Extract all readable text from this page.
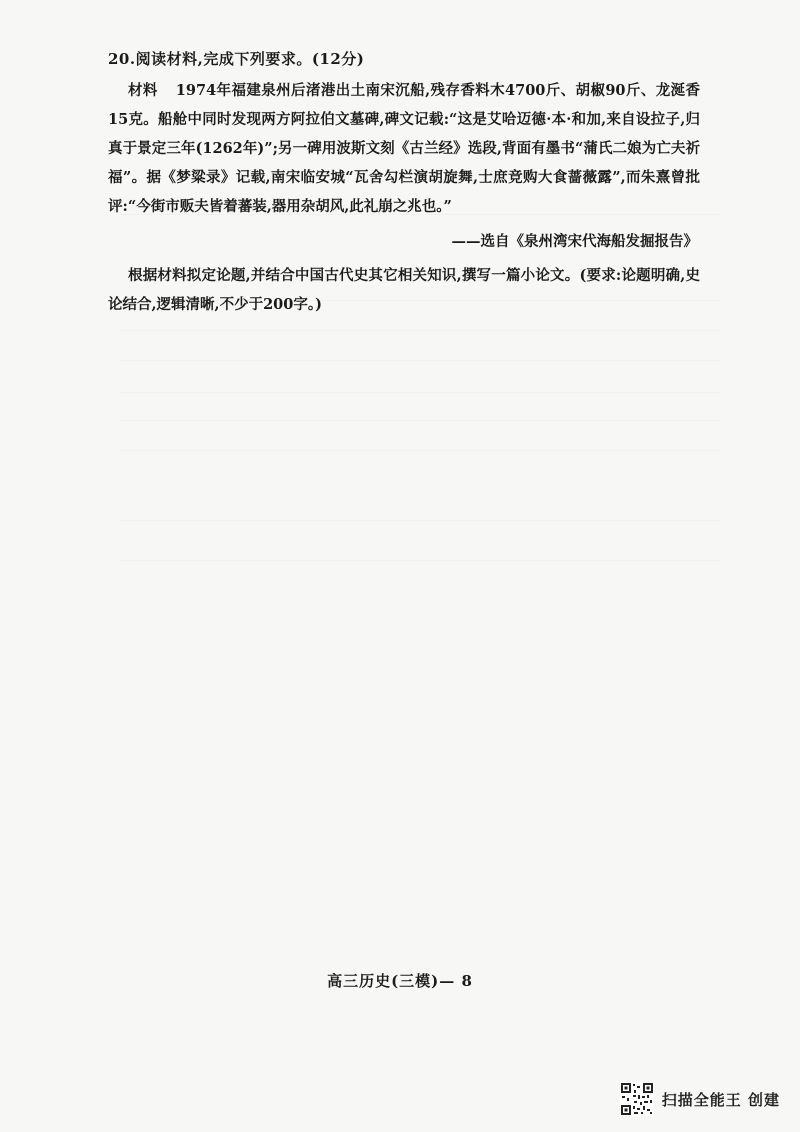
20.阅读材料,完成下列要求。(12分)
材料 1974年福建泉州后渚港出土南宋沉船,残存香料木4700斤、胡椒90斤、龙涎香15克。船舱中同时发现两方阿拉伯文墓碑,碑文记载:“这是艾哈迈德·本·和加,来自设拉子,归真于景定三年(1262年)”;另一碑用波斯文刻《古兰经》选段,背面有墨书“蒲氏二娘为亡夫祈福”。据《梦粱录》记载,南宋临安城“瓦舍勾栏演胡旋舞,士庶竞购大食蔷薇露”,而朱熹曾批评:“今街市贩夫皆着蕃装,器用杂胡风,此礼崩之兆也。”
——选自《泉州湾宋代海船发掘报告》
根据材料拟定论题,并结合中国古代史其它相关知识,撰写一篇小论文。(要求:论题明确,史论结合,逻辑清晰,不少于200字。)
高三历史(三模)— 8
扫描全能王 创建
